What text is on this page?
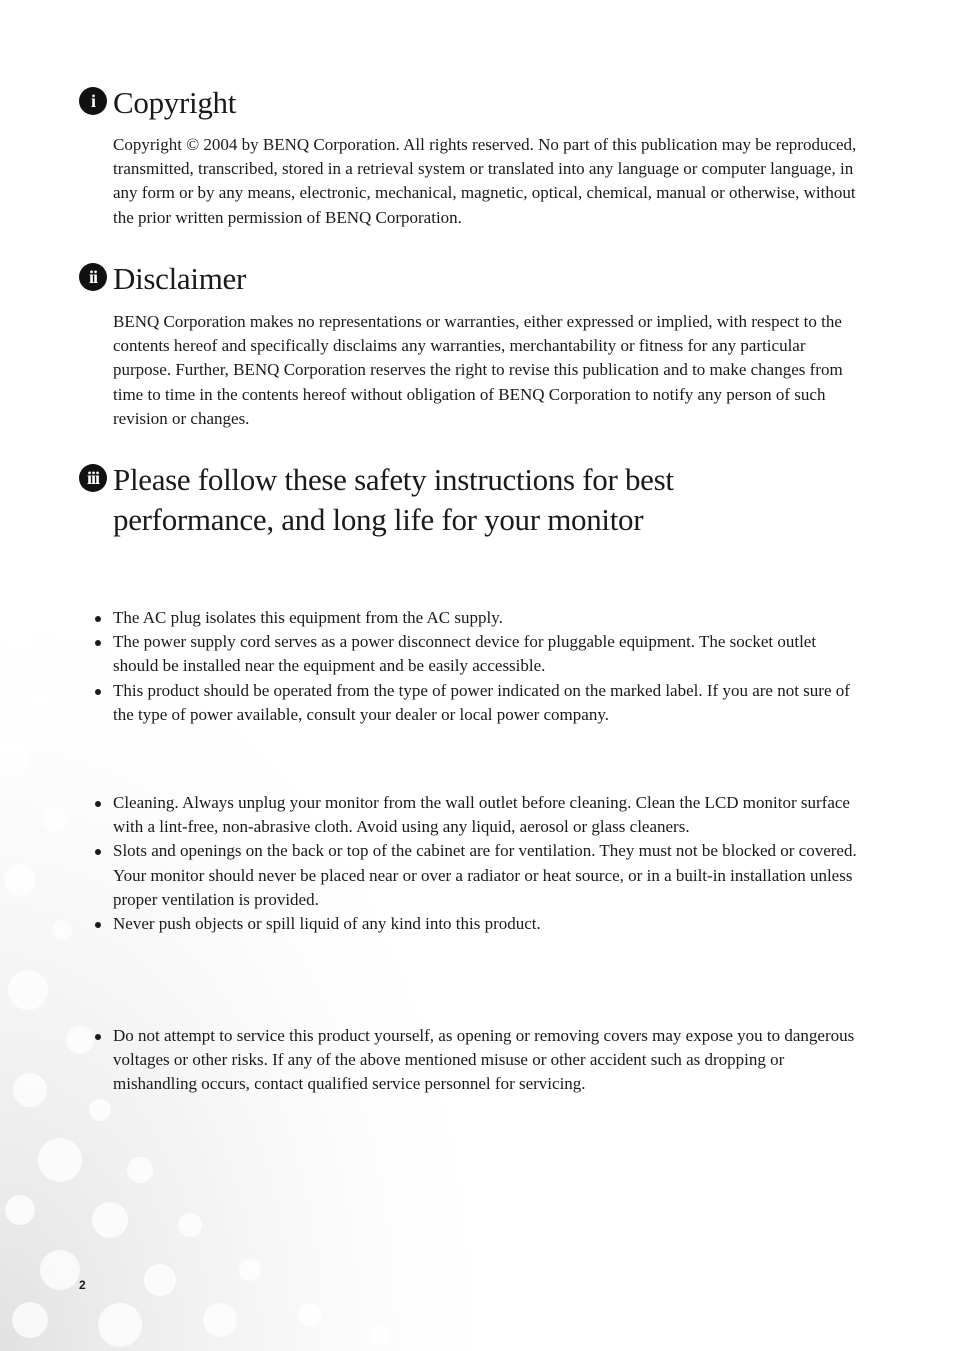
i Copyright

Copyright © 2004 by BENQ Corporation. All rights reserved. No part of this publication may be reproduced, transmitted, transcribed, stored in a retrieval system or translated into any language or computer language, in any form or by any means, electronic, mechanical, magnetic, optical, chemical, manual or otherwise, without the prior written permission of BENQ Corporation.

ii Disclaimer

BENQ Corporation makes no representations or warranties, either expressed or implied, with respect to the contents hereof and specifically disclaims any warranties, merchantability or fitness for any particular purpose. Further, BENQ Corporation reserves the right to revise this publication and to make changes from time to time in the contents hereof without obligation of BENQ Corporation to notify any person of such revision or changes.

iii Please follow these safety instructions for best performance, and long life for your monitor
The AC plug isolates this equipment from the AC supply.
The power supply cord serves as a power disconnect device for pluggable equipment. The socket outlet should be installed near the equipment and be easily accessible.
This product should be operated from the type of power indicated on the marked label. If you are not sure of the type of power available, consult your dealer or local power company.
Cleaning. Always unplug your monitor from the wall outlet before cleaning. Clean the LCD monitor surface with a lint-free, non-abrasive cloth. Avoid using any liquid, aerosol or glass cleaners.
Slots and openings on the back or top of the cabinet are for ventilation. They must not be blocked or covered. Your monitor should never be placed near or over a radiator or heat source, or in a built-in installation unless proper ventilation is provided.
Never push objects or spill liquid of any kind into this product.
Do not attempt to service this product yourself, as opening or removing covers may expose you to dangerous voltages or other risks. If any of the above mentioned misuse or other accident such as dropping or mishandling occurs, contact qualified service personnel for servicing.
2
